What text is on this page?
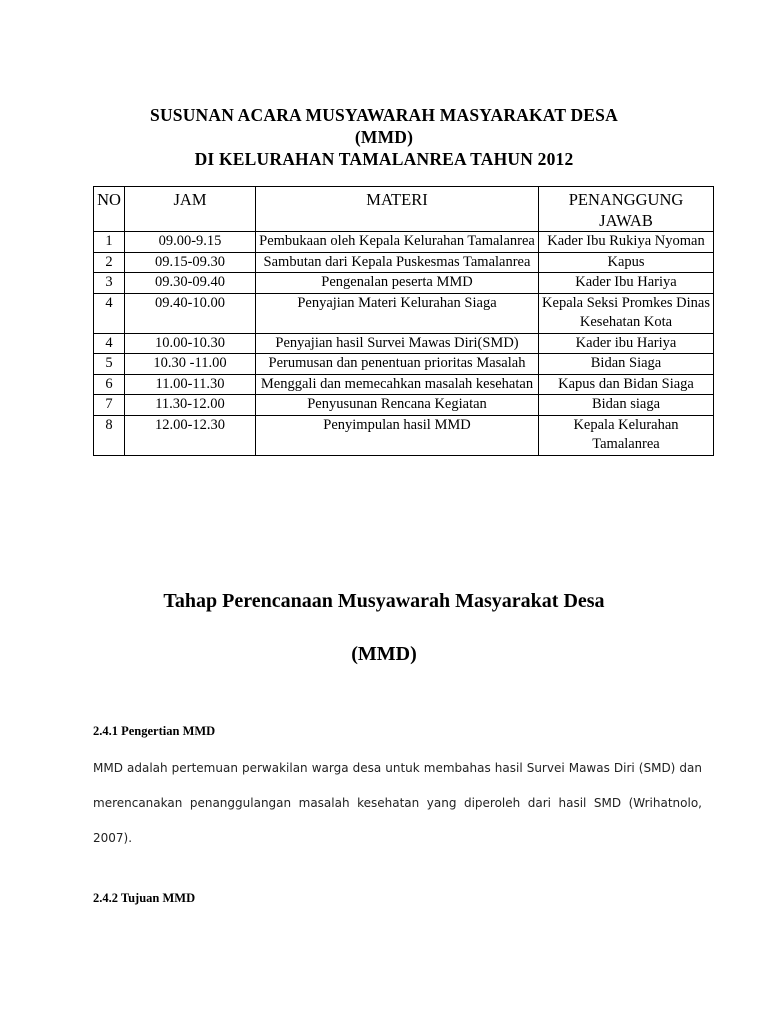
SUSUNAN ACARA MUSYAWARAH MASYARAKAT DESA
(MMD)
DI KELURAHAN TAMALANREA TAHUN 2012
NO	JAM	MATERI	PENANGGUNG JAWAB
1	09.00-9.15	Pembukaan oleh Kepala Kelurahan Tamalanrea	Kader Ibu Rukiya Nyoman
2	09.15-09.30	Sambutan dari Kepala Puskesmas Tamalanrea	Kapus
3	09.30-09.40	Pengenalan peserta MMD	Kader Ibu Hariya
4	09.40-10.00	Penyajian Materi Kelurahan Siaga	Kepala Seksi Promkes Dinas Kesehatan Kota
4	10.00-10.30	Penyajian hasil Survei Mawas Diri(SMD)	Kader ibu Hariya
5	10.30 -11.00	Perumusan dan penentuan prioritas Masalah	Bidan Siaga
6	11.00-11.30	Menggali dan memecahkan masalah kesehatan	Kapus dan Bidan Siaga
7	11.30-12.00	Penyusunan Rencana Kegiatan	Bidan siaga
8	12.00-12.30	Penyimpulan hasil MMD	Kepala Kelurahan Tamalanrea
Tahap Perencanaan Musyawarah Masyarakat Desa
(MMD)
2.4.1 Pengertian MMD
MMD adalah pertemuan perwakilan warga desa untuk membahas hasil Survei Mawas Diri (SMD) dan merencanakan penanggulangan masalah kesehatan yang diperoleh dari hasil SMD (Wrihatnolo, 2007).
2.4.2 Tujuan MMD
